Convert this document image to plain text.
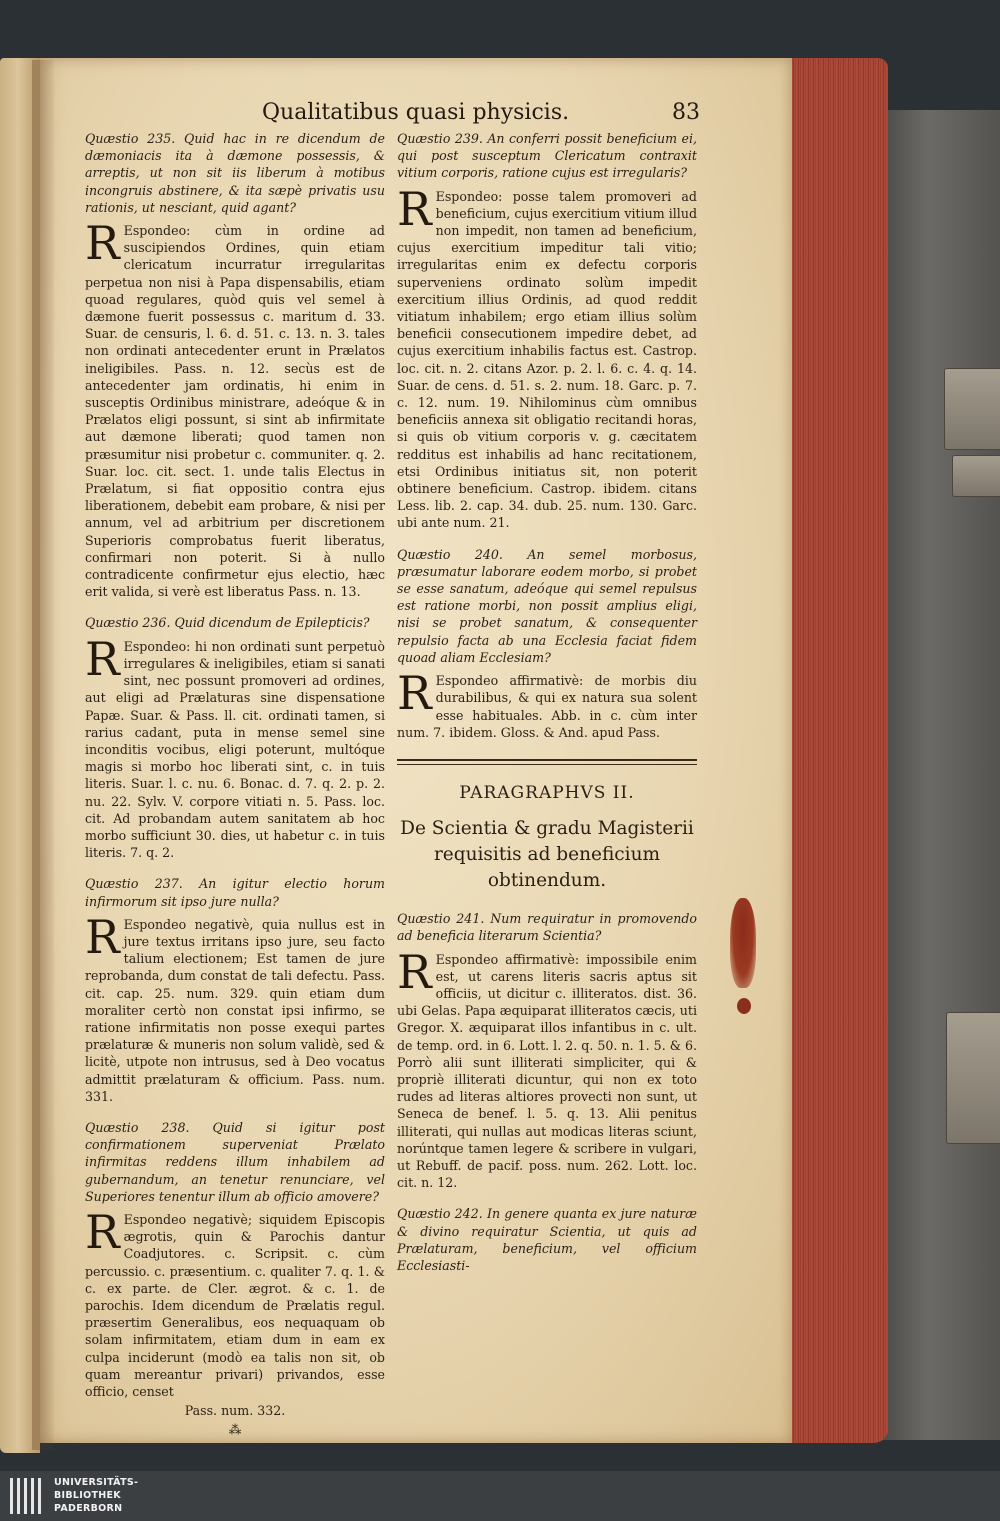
Qualitatibus quasi physicis.	83

Quæstio 235. Quid hac in re dicendum de dæmoniacis ita à dæmone possessis, & arreptis, ut non sit iis liberum à motibus incongruis abstinere, & ita sæpè privatis usu rationis, ut nesciant, quid agant?

R Espondeo: cùm in ordine ad suscipiendos Ordines, quin etiam clericatum incurratur irregularitas perpetua non nisi à Papa dispensabilis, etiam quoad regulares, quòd quis vel semel à dæmone fuerit possessus c. maritum d. 33. Suar. de censuris, l. 6. d. 51. c. 13. n. 3. tales non ordinati antecedenter erunt in Prælatos ineligibiles. Pass. n. 12. secùs est de antecedenter jam ordinatis, hi enim in susceptis Ordinibus ministrare, adeóque & in Prælatos eligi possunt, si sint ab infirmitate aut dæmone liberati; quod tamen non præsumitur nisi probetur c. communiter. q. 2. Suar. loc. cit. sect. 1. unde talis Electus in Prælatum, si fiat oppositio contra ejus liberationem, debebit eam probare, & nisi per annum, vel ad arbitrium per discretionem Superioris comprobatus fuerit liberatus, confirmari non poterit. Si à nullo contradicente confirmetur ejus electio, hæc erit valida, si verè est liberatus Pass. n. 13.

Quæstio 236. Quid dicendum de Epilepticis?

R Espondeo: hi non ordinati sunt perpetuò irregulares & ineligibiles, etiam si sanati sint, nec possunt promoveri ad ordines, aut eligi ad Prælaturas sine dispensatione Papæ. Suar. & Pass. ll. cit. ordinati tamen, si rarius cadant, puta in mense semel sine inconditis vocibus, eligi poterunt, multóque magis si morbo hoc liberati sint, c. in tuis literis. Suar. l. c. nu. 6. Bonac. d. 7. q. 2. p. 2. nu. 22. Sylv. V. corpore vitiati n. 5. Pass. loc. cit. Ad probandam autem sanitatem ab hoc morbo sufficiunt 30. dies, ut habetur c. in tuis literis. 7. q. 2.

Quæstio 237. An igitur electio horum infirmorum sit ipso jure nulla?

R Espondeo negativè, quia nullus est in jure textus irritans ipso jure, seu facto talium electionem; Est tamen de jure reprobanda, dum constat de tali defectu. Pass. cit. cap. 25. num. 329. quin etiam dum moraliter certò non constat ipsi infirmo, se ratione infirmitatis non posse exequi partes prælaturæ & muneris non solum validè, sed & licitè, utpote non intrusus, sed à Deo vocatus admittit prælaturam & officium. Pass. num. 331.

Quæstio 238. Quid si igitur post confirmationem superveniat Prælato infirmitas reddens illum inhabilem ad gubernandum, an tenetur renunciare, vel Superiores tenentur illum ab officio amovere?

R Espondeo negativè; siquidem Episcopis ægrotis, quin & Parochis dantur Coadjutores. c. Scripsit. c. cùm percussio. c. præsentium. c. qualiter 7. q. 1. & c. ex parte. de Cler. ægrot. & c. 1. de parochis. Idem dicendum de Prælatis regul. præsertim Generalibus, eos nequaquam ob solam infirmitatem, etiam dum in eam ex culpa inciderunt (modò ea talis non sit, ob quam mereantur privari) privandos, esse officio, censet

Pass. num. 332.
⁂

Quæstio 239. An conferri possit beneficium ei, qui post susceptum Clericatum contraxit vitium corporis, ratione cujus est irregularis?

R Espondeo: posse talem promoveri ad beneficium, cujus exercitium vitium illud non impedit, non tamen ad beneficium, cujus exercitium impeditur tali vitio; irregularitas enim ex defectu corporis superveniens ordinato solùm impedit exercitium illius Ordinis, ad quod reddit vitiatum inhabilem; ergo etiam illius solùm beneficii consecutionem impedire debet, ad cujus exercitium inhabilis factus est. Castrop. loc. cit. n. 2. citans Azor. p. 2. l. 6. c. 4. q. 14. Suar. de cens. d. 51. s. 2. num. 18. Garc. p. 7. c. 12. num. 19. Nihilominus cùm omnibus beneficiis annexa sit obligatio recitandi horas, si quis ob vitium corporis v. g. cæcitatem redditus est inhabilis ad hanc recitationem, etsi Ordinibus initiatus sit, non poterit obtinere beneficium. Castrop. ibidem. citans Less. lib. 2. cap. 34. dub. 25. num. 130. Garc. ubi ante num. 21.

Quæstio 240. An semel morbosus, præsumatur laborare eodem morbo, si probet se esse sanatum, adeóque qui semel repulsus est ratione morbi, non possit amplius eligi, nisi se probet sanatum, & consequenter repulsio facta ab una Ecclesia faciat fidem quoad aliam Ecclesiam?

R Espondeo affirmativè: de morbis diu durabilibus, & qui ex natura sua solent esse habituales. Abb. in c. cùm inter num. 7. ibidem. Gloss. & And. apud Pass.

PARAGRAPHVS II.
De Scientia & gradu Magisterii requisitis ad beneficium obtinendum.

Quæstio 241. Num requiratur in promovendo ad beneficia literarum Scientia?

R Espondeo affirmativè: impossibile enim est, ut carens literis sacris aptus sit officiis, ut dicitur c. illiteratos. dist. 36. ubi Gelas. Papa æquiparat illiteratos cæcis, uti Gregor. X. æquiparat illos infantibus in c. ult. de temp. ord. in 6. Lott. l. 2. q. 50. n. 1. 5. & 6. Porrò alii sunt illiterati simpliciter, qui & propriè illiterati dicuntur, qui non ex toto rudes ad literas altiores provecti non sunt, ut Seneca de benef. l. 5. q. 13. Alii penitus illiterati, qui nullas aut modicas literas sciunt, norúntque tamen legere & scribere in vulgari, ut Rebuff. de pacif. poss. num. 262. Lott. loc. cit. n. 12.

Quæstio 242. In genere quanta ex jure naturæ & divino requiratur Scientia, ut quis ad Prælaturam, beneficium, vel officium Ecclesiasti-

UNIVERSITÄTS-
BIBLIOTHEK
PADERBORN
